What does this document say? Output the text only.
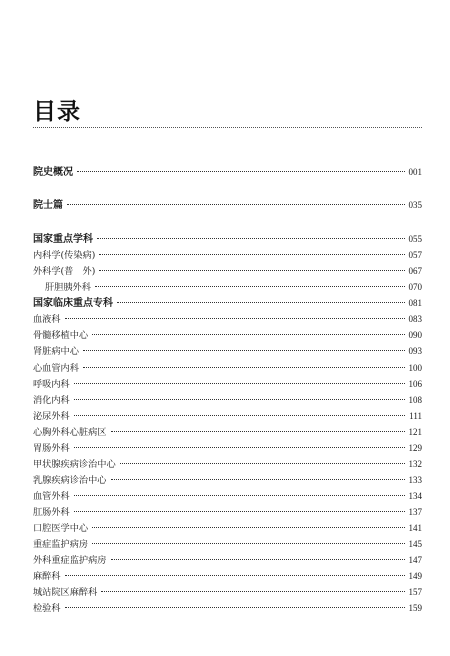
目录
院史概况	001
院士篇	035
国家重点学科	055
内科学(传染病)	057
外科学(普　外)	067
肝胆胰外科	070
国家临床重点专科	081
血液科	083
骨髓移植中心	090
肾脏病中心	093
心血管内科	100
呼吸内科	106
消化内科	108
泌尿外科	111
心胸外科心脏病区	121
胃肠外科	129
甲状腺疾病诊治中心	132
乳腺疾病诊治中心	133
血管外科	134
肛肠外科	137
口腔医学中心	141
重症监护病房	145
外科重症监护病房	147
麻醉科	149
城站院区麻醉科	157
检验科	159
